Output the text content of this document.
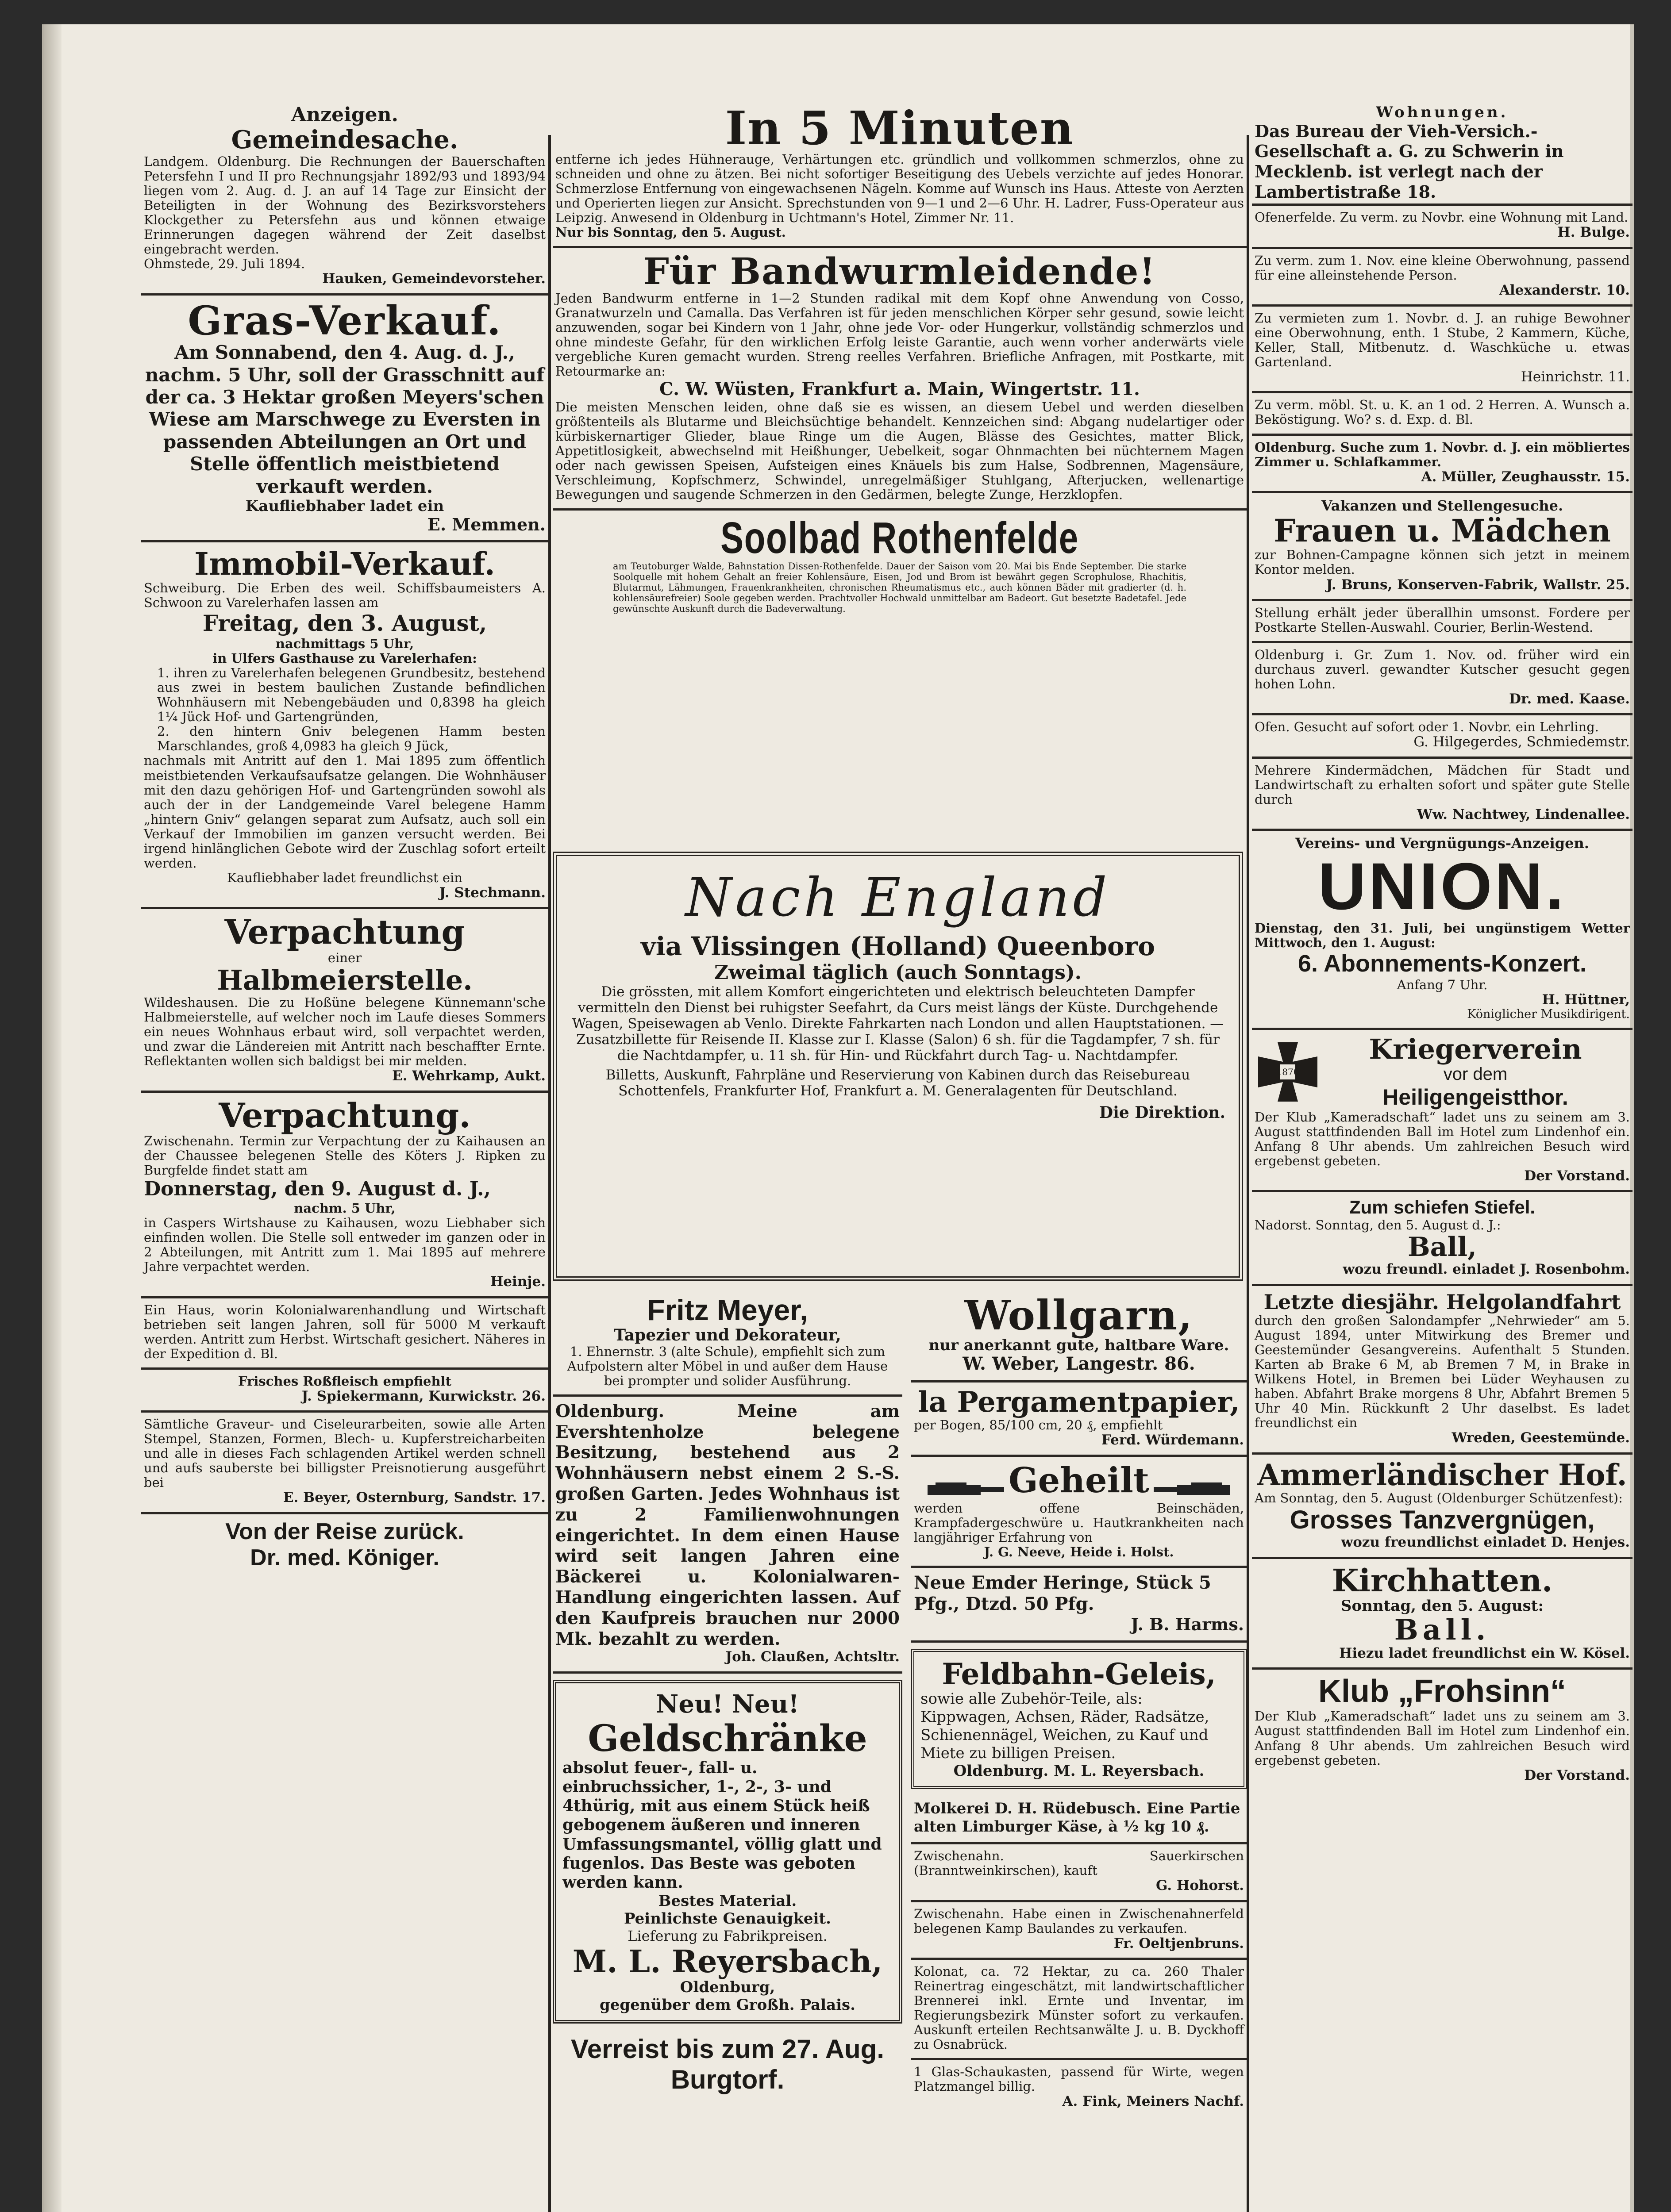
Anzeigen.
Gemeindesache.
Landgem. Oldenburg. Die Rechnungen der Bauerschaften Petersfehn I und II pro Rechnungsjahr 1892/93 und 1893/94 liegen vom 2. Aug. d. J. an auf 14 Tage zur Einsicht der Beteiligten in der Wohnung des Bezirksvorstehers Klockgether zu Petersfehn aus und können etwaige Erinnerungen dagegen während der Zeit daselbst eingebracht werden.
Ohmstede, 29. Juli 1894.
Hauken, Gemeindevorsteher.
Gras-Verkauf.
Am Sonnabend, den 4. Aug. d. J., nachm. 5 Uhr, soll der Grasschnitt auf der ca. 3 Hektar großen Meyers'schen Wiese am Marschwege zu Eversten in passenden Abteilungen an Ort und Stelle öffentlich meistbietend verkauft werden.
Kaufliebhaber ladet ein
E. Memmen.
Immobil-Verkauf.
Schweiburg. Die Erben des weil. Schiffsbaumeisters A. Schwoon zu Varelerhafen lassen am
Freitag, den 3. August,
nachmittags 5 Uhr,
in Ulfers Gasthause zu Varelerhafen:
1. ihren zu Varelerhafen belegenen Grundbesitz, bestehend aus zwei in bestem baulichen Zustande befindlichen Wohnhäusern mit Nebengebäuden und 0,8398 ha gleich 1¼ Jück Hof- und Gartengründen,
2. den hintern Gniv belegenen Hamm besten Marschlandes, groß 4,0983 ha gleich 9 Jück,
nachmals mit Antritt auf den 1. Mai 1895 zum öffentlich meistbietenden Verkaufsaufsatze gelangen. Die Wohnhäuser mit den dazu gehörigen Hof- und Gartengründen sowohl als auch der in der Landgemeinde Varel belegene Hamm „hintern Gniv“ gelangen separat zum Aufsatz, auch soll ein Verkauf der Immobilien im ganzen versucht werden. Bei irgend hinlänglichen Gebote wird der Zuschlag sofort erteilt werden.
Kaufliebhaber ladet freundlichst ein
J. Stechmann.
Verpachtung
einer
Halbmeierstelle.
Wildeshausen. Die zu Hoßüne belegene Künnemann'sche Halbmeierstelle, auf welcher noch im Laufe dieses Sommers ein neues Wohnhaus erbaut wird, soll verpachtet werden, und zwar die Ländereien mit Antritt nach beschaffter Ernte. Reflektanten wollen sich baldigst bei mir melden.
E. Wehrkamp, Aukt.
Verpachtung.
Zwischenahn. Termin zur Verpachtung der zu Kaihausen an der Chaussee belegenen Stelle des Köters J. Ripken zu Burgfelde findet statt am
Donnerstag, den 9. August d. J.,
nachm. 5 Uhr,
in Caspers Wirtshause zu Kaihausen, wozu Liebhaber sich einfinden wollen. Die Stelle soll entweder im ganzen oder in 2 Abteilungen, mit Antritt zum 1. Mai 1895 auf mehrere Jahre verpachtet werden.
Heinje.
Ein Haus, worin Kolonialwarenhandlung und Wirtschaft betrieben seit langen Jahren, soll für 5000 M verkauft werden. Antritt zum Herbst. Wirtschaft gesichert. Näheres in der Expedition d. Bl.
Frisches Roßfleisch empfiehlt
J. Spiekermann, Kurwickstr. 26.
Sämtliche Graveur- und Ciseleurarbeiten, sowie alle Arten Stempel, Stanzen, Formen, Blech- u. Kupferstreicharbeiten und alle in dieses Fach schlagenden Artikel werden schnell und aufs sauberste bei billigster Preisnotierung ausgeführt bei
E. Beyer, Osternburg, Sandstr. 17.
Von der Reise zurück.
Dr. med. Königer.
In 5 Minuten
entferne ich jedes Hühnerauge, Verhärtungen etc. gründlich und vollkommen schmerzlos, ohne zu schneiden und ohne zu ätzen. Bei nicht sofortiger Beseitigung des Uebels verzichte auf jedes Honorar. Schmerzlose Entfernung von eingewachsenen Nägeln. Komme auf Wunsch ins Haus. Atteste von Aerzten und Operierten liegen zur Ansicht. Sprechstunden von 9—1 und 2—6 Uhr. H. Ladrer, Fuss-Operateur aus Leipzig. Anwesend in Oldenburg in Uchtmann's Hotel, Zimmer Nr. 11.
Nur bis Sonntag, den 5. August.
Für Bandwurmleidende!
Jeden Bandwurm entferne in 1—2 Stunden radikal mit dem Kopf ohne Anwendung von Cosso, Granatwurzeln und Camalla. Das Verfahren ist für jeden menschlichen Körper sehr gesund, sowie leicht anzuwenden, sogar bei Kindern von 1 Jahr, ohne jede Vor- oder Hungerkur, vollständig schmerzlos und ohne mindeste Gefahr, für den wirklichen Erfolg leiste Garantie, auch wenn vorher anderwärts viele vergebliche Kuren gemacht wurden. Streng reelles Verfahren. Briefliche Anfragen, mit Postkarte, mit Retourmarke an:
C. W. Wüsten, Frankfurt a. Main, Wingertstr. 11.
Die meisten Menschen leiden, ohne daß sie es wissen, an diesem Uebel und werden dieselben größtenteils als Blutarme und Bleichsüchtige behandelt. Kennzeichen sind: Abgang nudelartiger oder kürbiskernartiger Glieder, blaue Ringe um die Augen, Blässe des Gesichtes, matter Blick, Appetitlosigkeit, abwechselnd mit Heißhunger, Uebelkeit, sogar Ohnmachten bei nüchternem Magen oder nach gewissen Speisen, Aufsteigen eines Knäuels bis zum Halse, Sodbrennen, Magensäure, Verschleimung, Kopfschmerz, Schwindel, unregelmäßiger Stuhlgang, Afterjucken, wellenartige Bewegungen und saugende Schmerzen in den Gedärmen, belegte Zunge, Herzklopfen.
Soolbad Rothenfelde
am Teutoburger Walde, Bahnstation Dissen-Rothenfelde. Dauer der Saison vom 20. Mai bis Ende September. Die starke Soolquelle mit hohem Gehalt an freier Kohlensäure, Eisen, Jod und Brom ist bewährt gegen Scrophulose, Rhachitis, Blutarmut, Lähmungen, Frauenkrankheiten, chronischen Rheumatismus etc., auch können Bäder mit gradierter (d. h. kohlensäurefreier) Soole gegeben werden. Prachtvoller Hochwald unmittelbar am Badeort. Gut besetzte Badetafel. Jede gewünschte Auskunft durch die Badeverwaltung.
Nach England
via Vlissingen (Holland) Queenboro
Zweimal täglich (auch Sonntags).
Die grössten, mit allem Komfort eingerichteten und elektrisch beleuchteten Dampfer vermitteln den Dienst bei ruhigster Seefahrt, da Curs meist längs der Küste. Durchgehende Wagen, Speisewagen ab Venlo. Direkte Fahrkarten nach London und allen Hauptstationen. — Zusatzbillette für Reisende II. Klasse zur I. Klasse (Salon) 6 sh. für die Tagdampfer, 7 sh. für die Nachtdampfer, u. 11 sh. für Hin- und Rückfahrt durch Tag- u. Nachtdampfer.
Billetts, Auskunft, Fahrpläne und Reservierung von Kabinen durch das Reisebureau Schottenfels, Frankfurter Hof, Frankfurt a. M. Generalagenten für Deutschland.
Die Direktion.
Fritz Meyer,
Tapezier und Dekorateur,
1. Ehnernstr. 3 (alte Schule), empfiehlt sich zum Aufpolstern alter Möbel in und außer dem Hause bei prompter und solider Ausführung.
Oldenburg. Meine am Evershtenholze belegene Besitzung, bestehend aus 2 Wohnhäusern nebst einem 2 S.-S. großen Garten. Jedes Wohnhaus ist zu 2 Familienwohnungen eingerichtet. In dem einen Hause wird seit langen Jahren eine Bäckerei u. Kolonialwaren-Handlung eingerichten lassen. Auf den Kaufpreis brauchen nur 2000 Mk. bezahlt zu werden.
Joh. Claußen, Achtsltr.
Neu! Neu!
Geldschränke
absolut feuer-, fall- u. einbruchssicher, 1-, 2-, 3- und 4thürig, mit aus einem Stück heiß gebogenem äußeren und inneren Umfassungsmantel, völlig glatt und fugenlos. Das Beste was geboten werden kann.
Bestes Material.
Peinlichste Genauigkeit.
Lieferung zu Fabrikpreisen.
M. L. Reyersbach,
Oldenburg,
gegenüber dem Großh. Palais.
Verreist bis zum 27. Aug.
Burgtorf.
Wollgarn,
nur anerkannt gute, haltbare Ware.
W. Weber, Langestr. 86.
la Pergamentpapier,
per Bogen, 85/100 cm, 20 ₰, empfiehlt
Ferd. Würdemann.
Geheilt
werden offene Beinschäden, Krampfadergeschwüre u. Hautkrankheiten nach langjähriger Erfahrung von
J. G. Neeve, Heide i. Holst.
Neue Emder Heringe, Stück 5 Pfg., Dtzd. 50 Pfg.
J. B. Harms.
Feldbahn-Geleis,
sowie alle Zubehör-Teile, als: Kippwagen, Achsen, Räder, Radsätze, Schienennägel, Weichen, zu Kauf und Miete zu billigen Preisen.
Oldenburg. M. L. Reyersbach.
Molkerei D. H. Rüdebusch. Eine Partie alten Limburger Käse, à ½ kg 10 ₰.
Zwischenahn. Sauerkirschen (Branntweinkirschen), kauft
G. Hohorst.
Zwischenahn. Habe einen in Zwischenahnerfeld belegenen Kamp Baulandes zu verkaufen.
Fr. Oeltjenbruns.
Kolonat, ca. 72 Hektar, zu ca. 260 Thaler Reinertrag eingeschätzt, mit landwirtschaftlicher Brennerei inkl. Ernte und Inventar, im Regierungsbezirk Münster sofort zu verkaufen. Auskunft erteilen Rechtsanwälte J. u. B. Dyckhoff zu Osnabrück.
1 Glas-Schaukasten, passend für Wirte, wegen Platzmangel billig.
A. Fink, Meiners Nachf.
Wohnungen.
Das Bureau der Vieh-Versich.-Gesellschaft a. G. zu Schwerin in Mecklenb. ist verlegt nach der Lambertistraße 18.
Ofenerfelde. Zu verm. zu Novbr. eine Wohnung mit Land.
H. Bulge.
Zu verm. zum 1. Nov. eine kleine Oberwohnung, passend für eine alleinstehende Person.
Alexanderstr. 10.
Zu vermieten zum 1. Novbr. d. J. an ruhige Bewohner eine Oberwohnung, enth. 1 Stube, 2 Kammern, Küche, Keller, Stall, Mitbenutz. d. Waschküche u. etwas Gartenland.
Heinrichstr. 11.
Zu verm. möbl. St. u. K. an 1 od. 2 Herren. A. Wunsch a. Beköstigung. Wo? s. d. Exp. d. Bl.
Oldenburg. Suche zum 1. Novbr. d. J. ein möbliertes Zimmer u. Schlafkammer.
A. Müller, Zeughausstr. 15.
Vakanzen und Stellengesuche.
Frauen u. Mädchen
zur Bohnen-Campagne können sich jetzt in meinem Kontor melden.
J. Bruns, Konserven-Fabrik, Wallstr. 25.
Stellung erhält jeder überallhin umsonst. Fordere per Postkarte Stellen-Auswahl. Courier, Berlin-Westend.
Oldenburg i. Gr. Zum 1. Nov. od. früher wird ein durchaus zuverl. gewandter Kutscher gesucht gegen hohen Lohn.
Dr. med. Kaase.
Ofen. Gesucht auf sofort oder 1. Novbr. ein Lehrling.
G. Hilgegerdes, Schmiedemstr.
Mehrere Kindermädchen, Mädchen für Stadt und Landwirtschaft zu erhalten sofort und später gute Stelle durch
Ww. Nachtwey, Lindenallee.
Vereins- und Vergnügungs-Anzeigen.
UNION.
Dienstag, den 31. Juli, bei ungünstigem Wetter Mittwoch, den 1. August:
6. Abonnements-Konzert.
Anfang 7 Uhr.
H. Hüttner,
Königlicher Musikdirigent.
1870
Kriegerverein
vor dem
Heiligengeistthor.
Der Klub „Kameradschaft“ ladet uns zu seinem am 3. August stattfindenden Ball im Hotel zum Lindenhof ein. Anfang 8 Uhr abends. Um zahlreichen Besuch wird ergebenst gebeten.
Der Vorstand.
Zum schiefen Stiefel.
Nadorst. Sonntag, den 5. August d. J.:
Ball,
wozu freundl. einladet J. Rosenbohm.
Letzte diesjähr. Helgolandfahrt
durch den großen Salondampfer „Nehrwieder“ am 5. August 1894, unter Mitwirkung des Bremer und Geestemünder Gesangvereins. Aufenthalt 5 Stunden. Karten ab Brake 6 M, ab Bremen 7 M, in Brake in Wilkens Hotel, in Bremen bei Lüder Weyhausen zu haben. Abfahrt Brake morgens 8 Uhr, Abfahrt Bremen 5 Uhr 40 Min. Rückkunft 2 Uhr daselbst. Es ladet freundlichst ein
Wreden, Geestemünde.
Ammerländischer Hof.
Am Sonntag, den 5. August (Oldenburger Schützenfest):
Grosses Tanzvergnügen,
wozu freundlichst einladet D. Henjes.
Kirchhatten.
Sonntag, den 5. August:
Ball.
Hiezu ladet freundlichst ein W. Kösel.
Klub „Frohsinn“
Der Klub „Kameradschaft“ ladet uns zu seinem am 3. August stattfindenden Ball im Hotel zum Lindenhof ein. Anfang 8 Uhr abends. Um zahlreichen Besuch wird ergebenst gebeten.
Der Vorstand.
